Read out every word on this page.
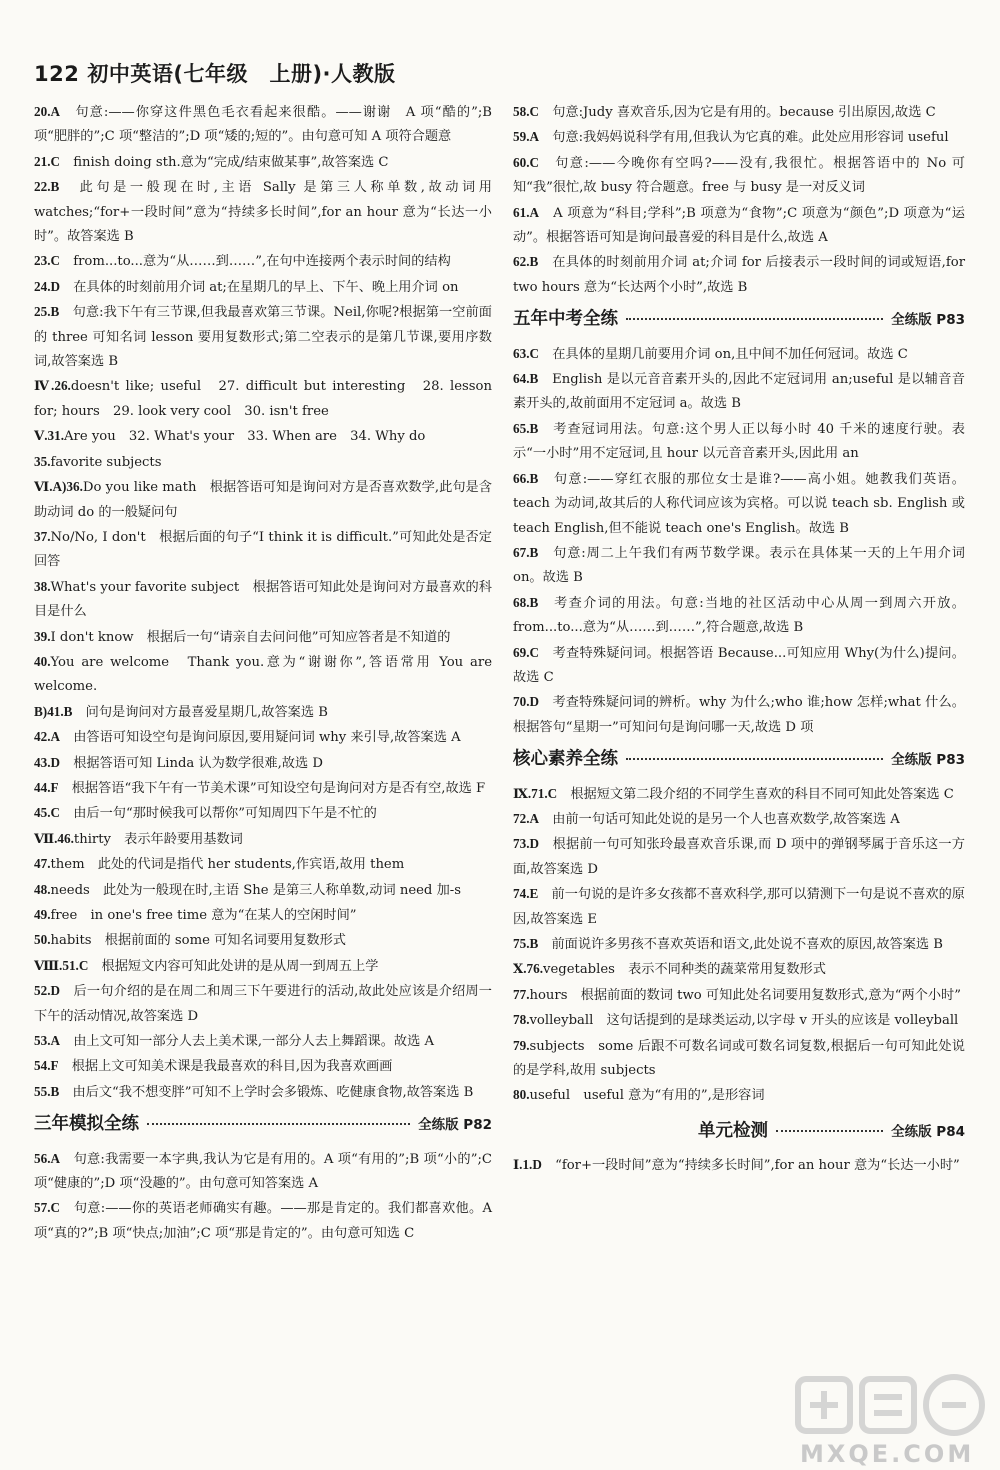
122 初中英语(七年级　上册)·人教版

20.A　句意:——你穿这件黑色毛衣看起来很酷。——谢谢　A 项“酷的”;B 项“肥胖的”;C 项“整洁的”;D 项“矮的;短的”。由句意可知 A 项符合题意

21.C　finish doing sth.意为“完成/结束做某事”,故答案选 C

22.B　此句是一般现在时,主语 Sally 是第三人称单数,故动词用 watches;“for+一段时间”意为“持续多长时间”,for an hour 意为“长达一小时”。故答案选 B

23.C　from...to...意为“从……到……”,在句中连接两个表示时间的结构

24.D　在具体的时刻前用介词 at;在星期几的早上、下午、晚上用介词 on

25.B　句意:我下午有三节课,但我最喜欢第三节课。Neil,你呢?根据第一空前面的 three 可知名词 lesson 要用复数形式;第二空表示的是第几节课,要用序数词,故答案选 B

Ⅳ.26.doesn't like; useful　27. difficult but interesting　28. lesson for; hours　29. look very cool　30. isn't free

Ⅴ.31.Are you　32. What's your　33. When are　34. Why do

35.favorite subjects

Ⅵ.A)36.Do you like math　根据答语可知是询问对方是否喜欢数学,此句是含助动词 do 的一般疑问句

37.No/No, I don't　根据后面的句子“I think it is difficult.”可知此处是否定回答

38.What's your favorite subject　根据答语可知此处是询问对方最喜欢的科目是什么

39.I don't know　根据后一句“请亲自去问问他”可知应答者是不知道的

40.You are welcome　Thank you.意为“谢谢你”,答语常用 You are welcome.

B)41.B　问句是询问对方最喜爱星期几,故答案选 B

42.A　由答语可知设空句是询问原因,要用疑问词 why 来引导,故答案选 A

43.D　根据答语可知 Linda 认为数学很难,故选 D

44.F　根据答语“我下午有一节美术课”可知设空句是询问对方是否有空,故选 F

45.C　由后一句“那时候我可以帮你”可知周四下午是不忙的

Ⅶ.46.thirty　表示年龄要用基数词

47.them　此处的代词是指代 her students,作宾语,故用 them

48.needs　此处为一般现在时,主语 She 是第三人称单数,动词 need 加-s

49.free　in one's free time 意为“在某人的空闲时间”

50.habits　根据前面的 some 可知名词要用复数形式

Ⅷ.51.C　根据短文内容可知此处讲的是从周一到周五上学

52.D　后一句介绍的是在周二和周三下午要进行的活动,故此处应该是介绍周一下午的活动情况,故答案选 D

53.A　由上文可知一部分人去上美术课,一部分人去上舞蹈课。故选 A

54.F　根据上文可知美术课是我最喜欢的科目,因为我喜欢画画

55.B　由后文“我不想变胖”可知不上学时会多锻炼、吃健康食物,故答案选 B

三年模拟全练	全练版 P82

56.A　句意:我需要一本字典,我认为它是有用的。A 项“有用的”;B 项“小的”;C 项“健康的”;D 项“没趣的”。由句意可知答案选 A

57.C　句意:——你的英语老师确实有趣。——那是肯定的。我们都喜欢他。A 项“真的?”;B 项“快点;加油”;C 项“那是肯定的”。由句意可知选 C

58.C　句意:Judy 喜欢音乐,因为它是有用的。because 引出原因,故选 C

59.A　句意:我妈妈说科学有用,但我认为它真的难。此处应用形容词 useful

60.C　句意:——今晚你有空吗?——没有,我很忙。根据答语中的 No 可知“我”很忙,故 busy 符合题意。free 与 busy 是一对反义词

61.A　A 项意为“科目;学科”;B 项意为“食物”;C 项意为“颜色”;D 项意为“运动”。根据答语可知是询问最喜爱的科目是什么,故选 A

62.B　在具体的时刻前用介词 at;介词 for 后接表示一段时间的词或短语,for two hours 意为“长达两个小时”,故选 B

五年中考全练	全练版 P83

63.C　在具体的星期几前要用介词 on,且中间不加任何冠词。故选 C

64.B　English 是以元音音素开头的,因此不定冠词用 an;useful 是以辅音音素开头的,故前面用不定冠词 a。故选 B

65.B　考查冠词用法。句意:这个男人正以每小时 40 千米的速度行驶。表示“一小时”用不定冠词,且 hour 以元音音素开头,因此用 an

66.B　句意:——穿红衣服的那位女士是谁?——高小姐。她教我们英语。teach 为动词,故其后的人称代词应该为宾格。可以说 teach sb. English 或 teach English,但不能说 teach one's English。故选 B

67.B　句意:周二上午我们有两节数学课。表示在具体某一天的上午用介词 on。故选 B

68.B　考查介词的用法。句意:当地的社区活动中心从周一到周六开放。from...to...意为“从……到……”,符合题意,故选 B

69.C　考查特殊疑问词。根据答语 Because...可知应用 Why(为什么)提问。故选 C

70.D　考查特殊疑问词的辨析。why 为什么;who 谁;how 怎样;what 什么。根据答句“星期一”可知问句是询问哪一天,故选 D 项

核心素养全练	全练版 P83

Ⅸ.71.C　根据短文第二段介绍的不同学生喜欢的科目不同可知此处答案选 C

72.A　由前一句话可知此处说的是另一个人也喜欢数学,故答案选 A

73.D　根据前一句可知张玲最喜欢音乐课,而 D 项中的弹钢琴属于音乐这一方面,故答案选 D

74.E　前一句说的是许多女孩都不喜欢科学,那可以猜测下一句是说不喜欢的原因,故答案选 E

75.B　前面说许多男孩不喜欢英语和语文,此处说不喜欢的原因,故答案选 B

Ⅹ.76.vegetables　表示不同种类的蔬菜常用复数形式

77.hours　根据前面的数词 two 可知此处名词要用复数形式,意为“两个小时”

78.volleyball　这句话提到的是球类运动,以字母 v 开头的应该是 volleyball

79.subjects　some 后跟不可数名词或可数名词复数,根据后一句可知此处说的是学科,故用 subjects

80.useful　useful 意为“有用的”,是形容词

单元检测	全练版 P84

Ⅰ.1.D　“for+一段时间”意为“持续多长时间”,for an hour 意为“长达一小时”

MXQE.COM
